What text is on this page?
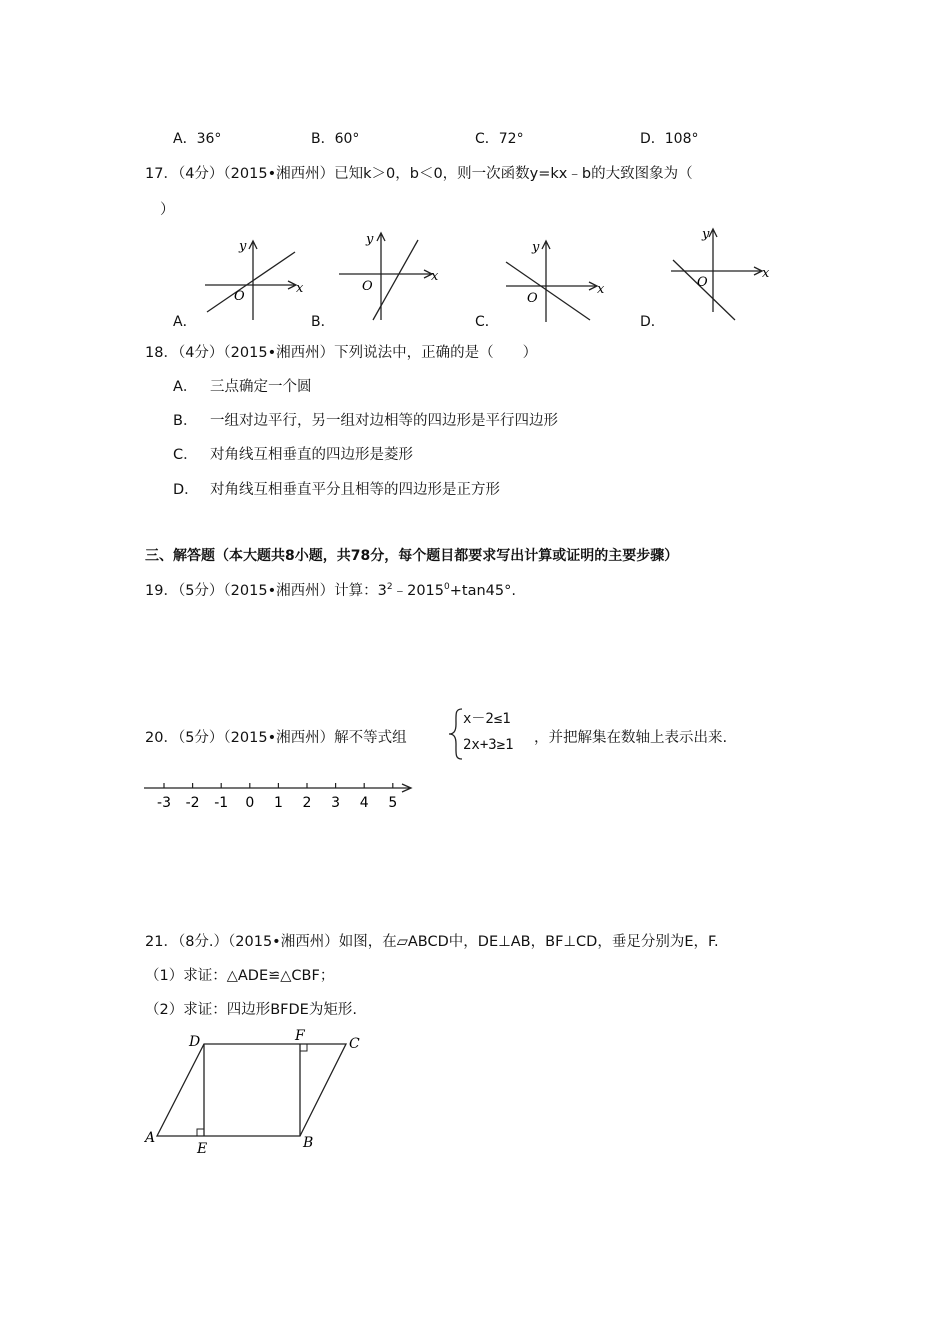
A．36°	B．60°	C．72°	D．108°
17．（4分）（2015•湘西州）已知k＞0，b＜0，则一次函数y=kx﹣b的大致图象为（
）
y
x
O
A．
y
x
O
B．
y
x
O
C．
y
x
O
D．
18．（4分）（2015•湘西州）下列说法中，正确的是（　　）
A． 三点确定一个圆
B． 一组对边平行，另一组对边相等的四边形是平行四边形
C． 对角线互相垂直的四边形是菱形
D． 对角线互相垂直平分且相等的四边形是正方形
三、解答题（本大题共8小题，共78分，每个题目都要求写出计算或证明的主要步骤）
19．（5分）（2015•湘西州）计算：$3^2﹣2015^0+\tan 45^\circ$.
20．（5分）（2015•湘西州）解不等式组
x－2≤1
2x+3≥1 ，并把解集在数轴上表示出来.
-3 -2 -1 0 1 2 3 4 5
21．（8分.）（2015•湘西州）如图，在▱ABCD中，DE⊥AB，BF⊥CD，垂足分别为E，F.
（1）求证：△ADE≌△CBF；
（2）求证：四边形BFDE为矩形.
A	B
C
D
E
F
